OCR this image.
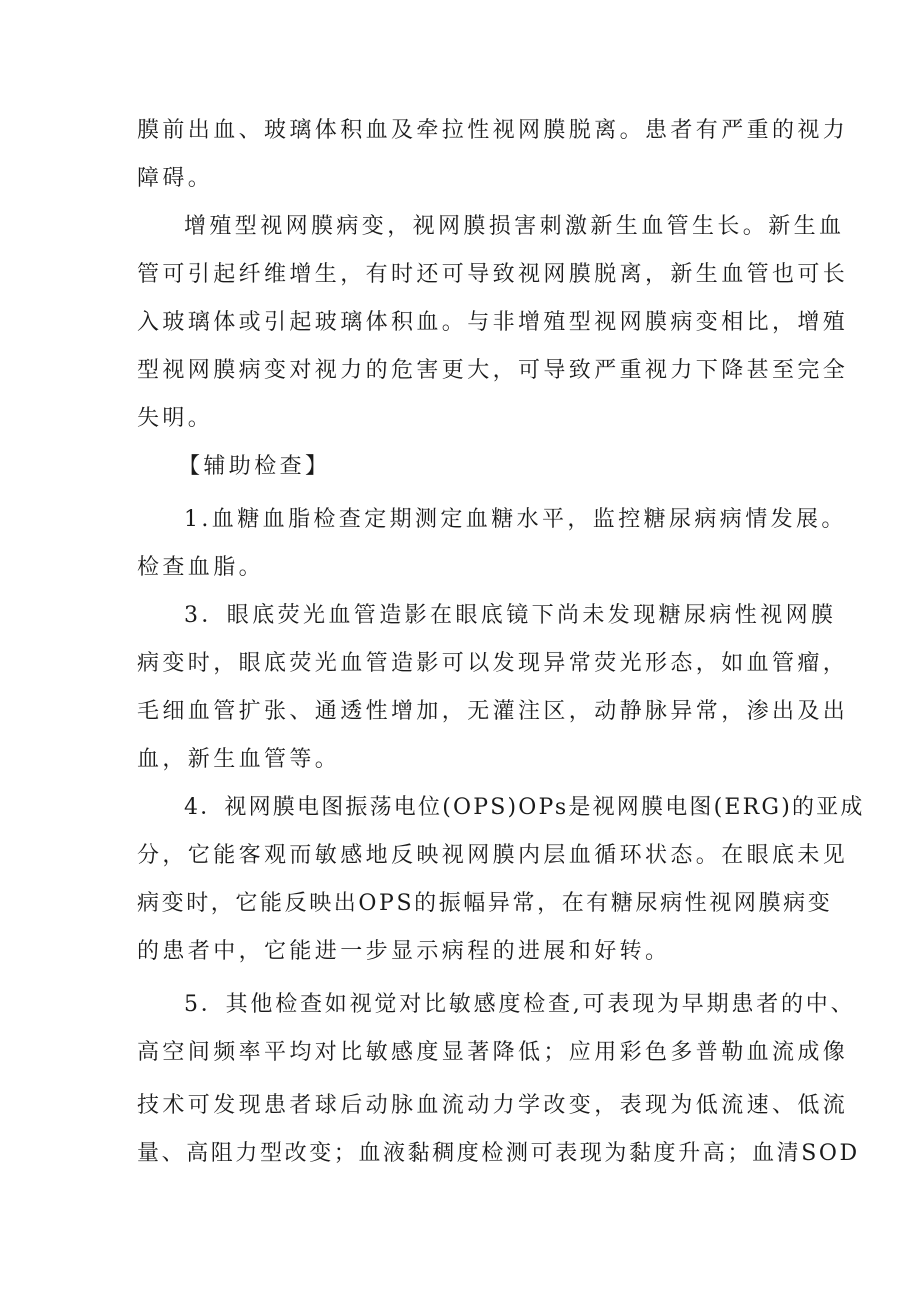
膜前出血、玻璃体积血及牵拉性视网膜脱离。患者有严重的视力
障碍。
增殖型视网膜病变，视网膜损害刺激新生血管生长。新生血
管可引起纤维增生，有时还可导致视网膜脱离，新生血管也可长
入玻璃体或引起玻璃体积血。与非增殖型视网膜病变相比，增殖
型视网膜病变对视力的危害更大，可导致严重视力下降甚至完全
失明。
【辅助检查】
1.血糖血脂检查定期测定血糖水平，监控糖尿病病情发展。
检查血脂。
3．眼底荧光血管造影在眼底镜下尚未发现糖尿病性视网膜
病变时，眼底荧光血管造影可以发现异常荧光形态，如血管瘤，
毛细血管扩张、通透性增加，无灌注区，动静脉异常，渗出及出
血，新生血管等。
4．视网膜电图振荡电位(OPS)OPs是视网膜电图(ERG)的亚成
分，它能客观而敏感地反映视网膜内层血循环状态。在眼底未见
病变时，它能反映出OPS的振幅异常，在有糖尿病性视网膜病变
的患者中，它能进一步显示病程的进展和好转。
5．其他检查如视觉对比敏感度检查,可表现为早期患者的中、
高空间频率平均对比敏感度显著降低；应用彩色多普勒血流成像
技术可发现患者球后动脉血流动力学改变，表现为低流速、低流
量、高阻力型改变；血液黏稠度检测可表现为黏度升高；血清SOD
